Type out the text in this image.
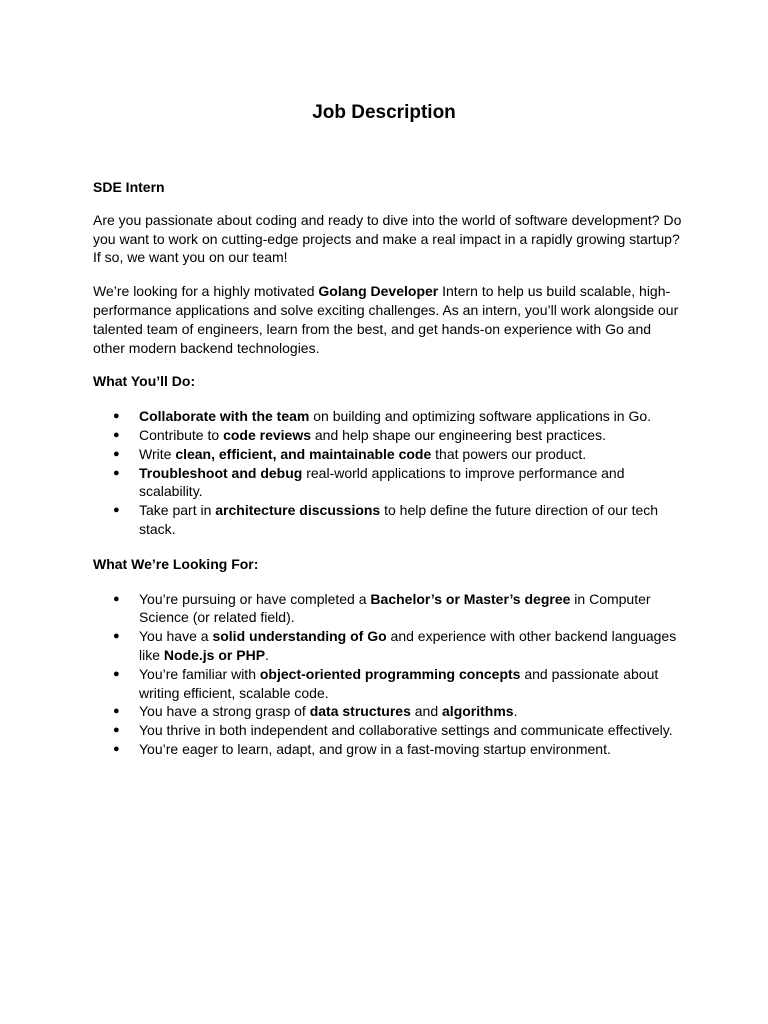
Job Description

SDE Intern

Are you passionate about coding and ready to dive into the world of software development? Do you want to work on cutting-edge projects and make a real impact in a rapidly growing startup? If so, we want you on our team!

We’re looking for a highly motivated Golang Developer Intern to help us build scalable, high-performance applications and solve exciting challenges. As an intern, you’ll work alongside our talented team of engineers, learn from the best, and get hands-on experience with Go and other modern backend technologies.

What You’ll Do:

● Collaborate with the team on building and optimizing software applications in Go.
● Contribute to code reviews and help shape our engineering best practices.
● Write clean, efficient, and maintainable code that powers our product.
● Troubleshoot and debug real-world applications to improve performance and scalability.
● Take part in architecture discussions to help define the future direction of our tech stack.

What We’re Looking For:

● You’re pursuing or have completed a Bachelor’s or Master’s degree in Computer Science (or related field).
● You have a solid understanding of Go and experience with other backend languages like Node.js or PHP.
● You’re familiar with object-oriented programming concepts and passionate about writing efficient, scalable code.
● You have a strong grasp of data structures and algorithms.
● You thrive in both independent and collaborative settings and communicate effectively.
● You’re eager to learn, adapt, and grow in a fast-moving startup environment.
